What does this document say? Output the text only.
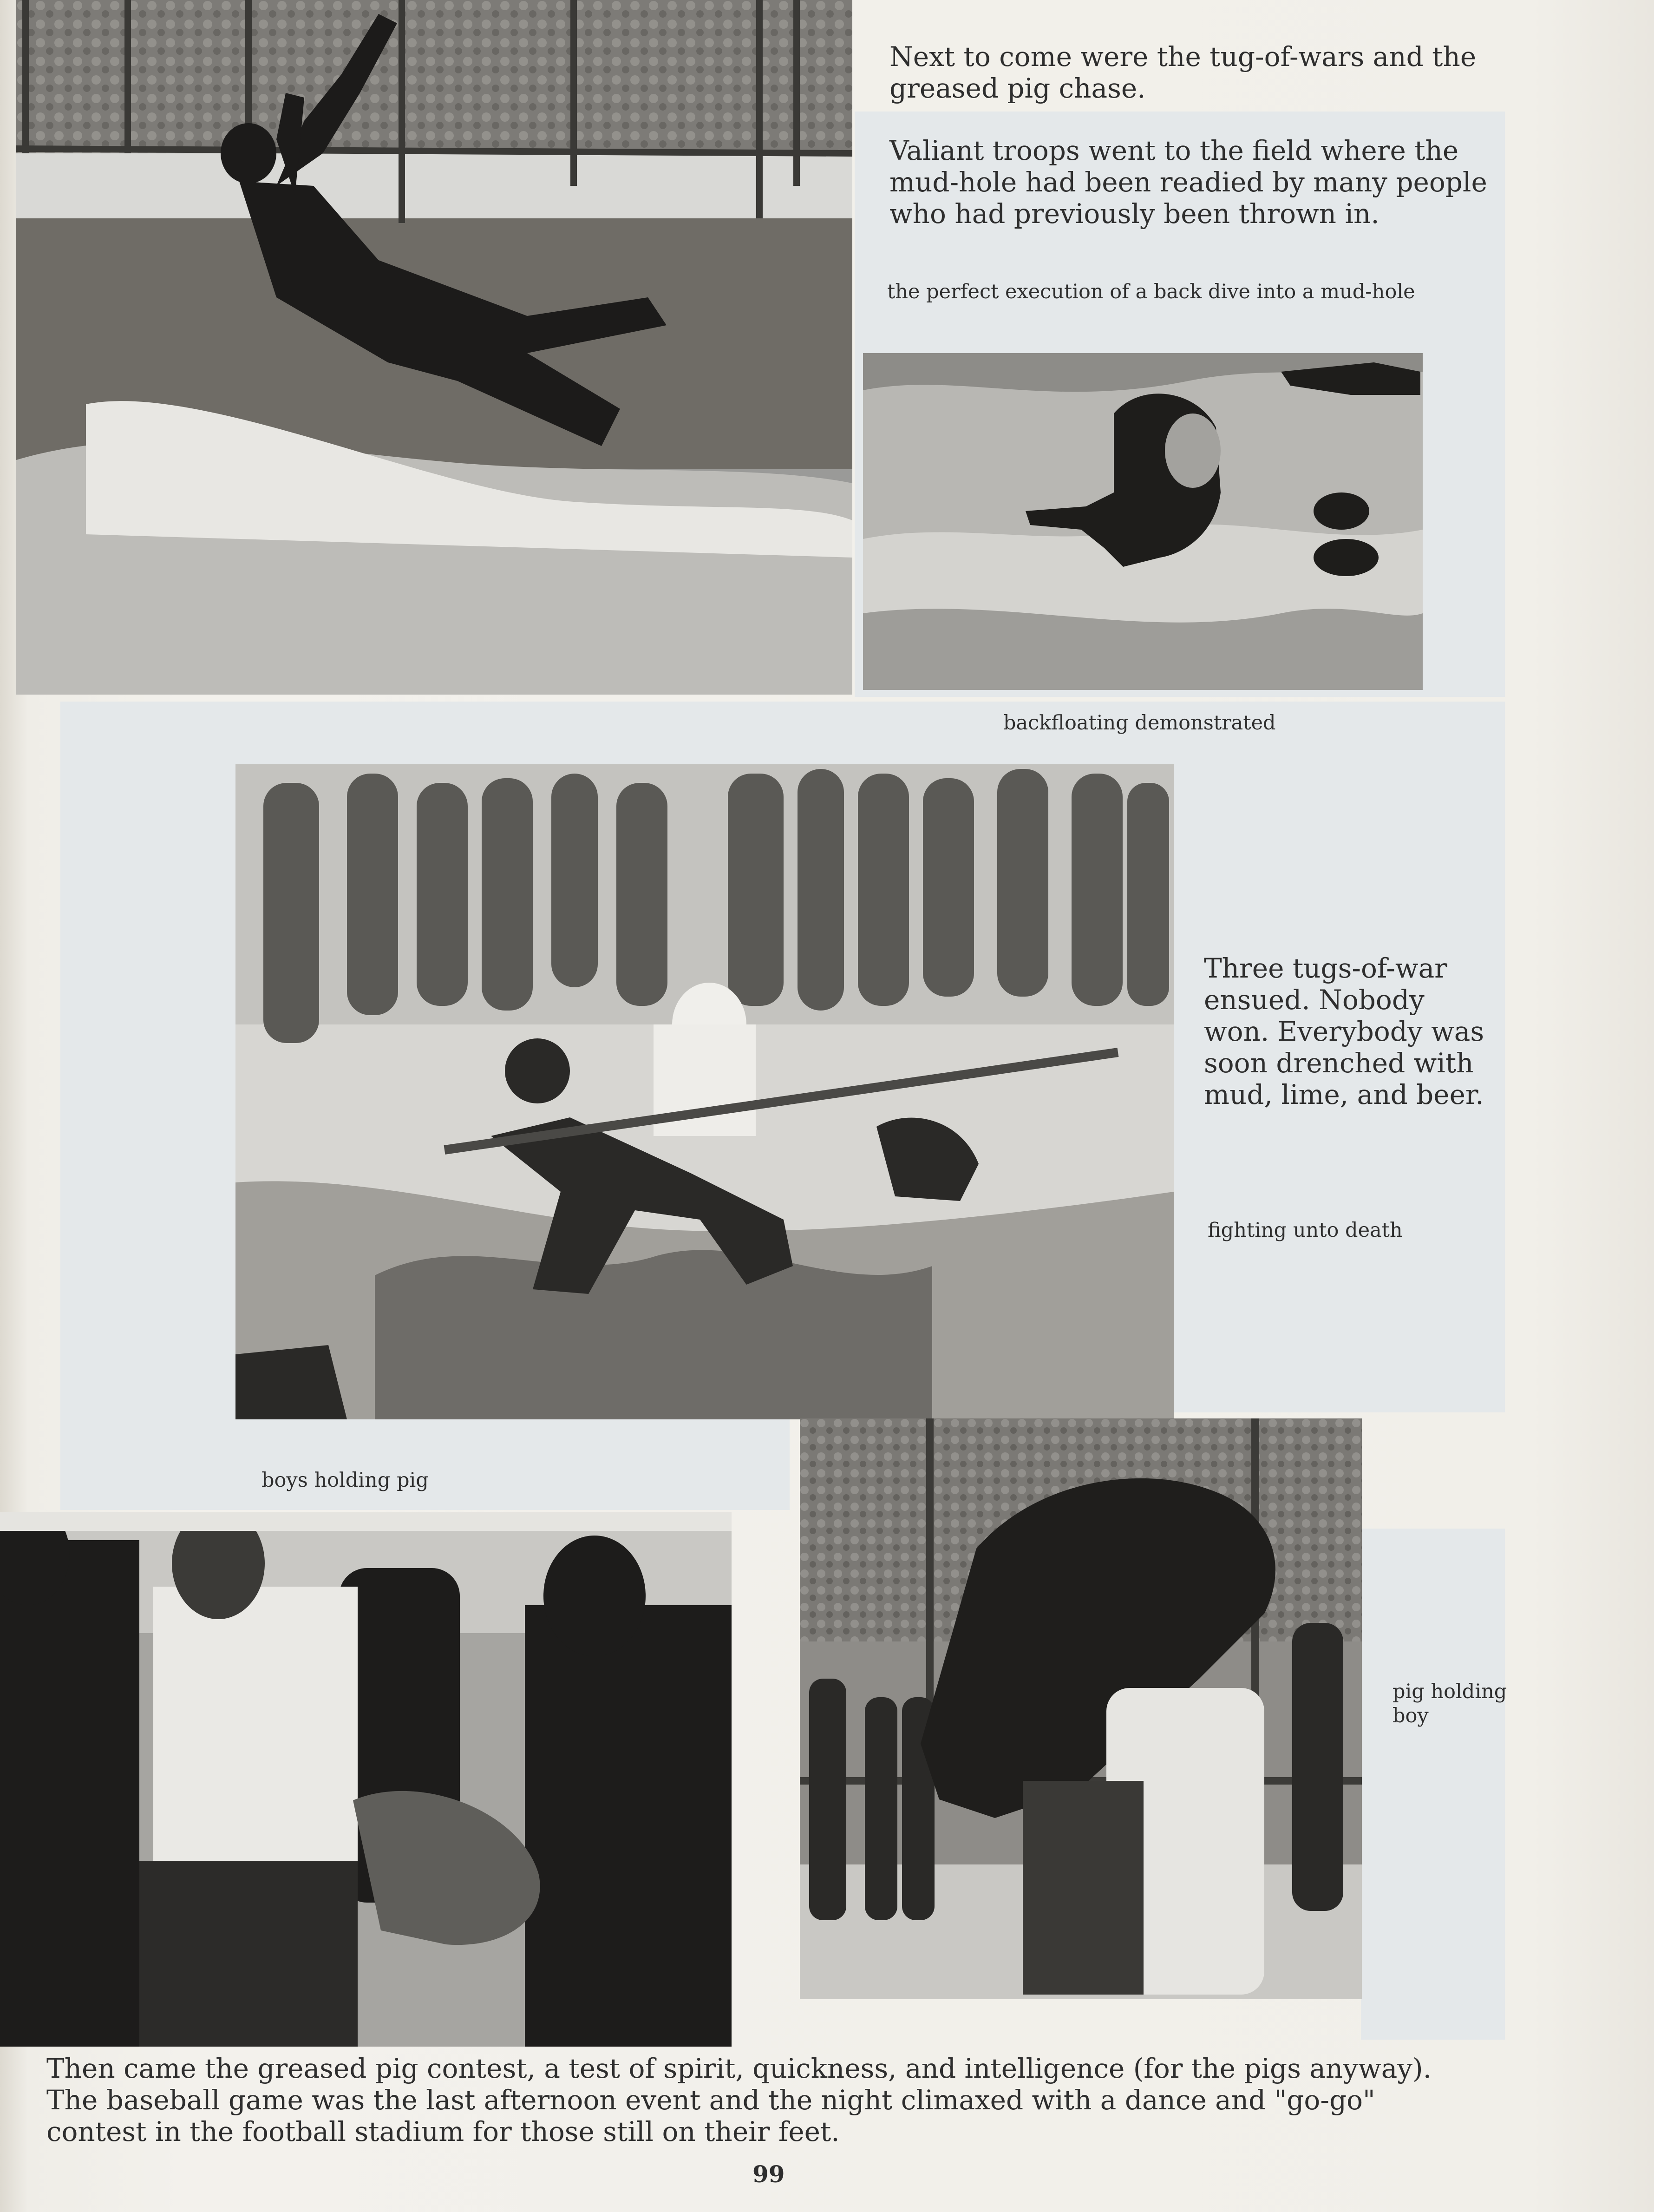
Next to come were the tug-of-wars and the greased pig chase.
Valiant troops went to the field where the mud-hole had been readied by many people who had previously been thrown in.
the perfect execution of a back dive into a mud-hole
backfloating demonstrated
Three tugs-of-war ensued. Nobody won. Everybody was soon drenched with mud, lime, and beer.
fighting unto death
boys holding pig
pig holding boy

Then came the greased pig contest, a test of spirit, quickness, and intelligence (for the pigs anyway). The baseball game was the last afternoon event and the night climaxed with a dance and "go-go" contest in the football stadium for those still on their feet.

99
